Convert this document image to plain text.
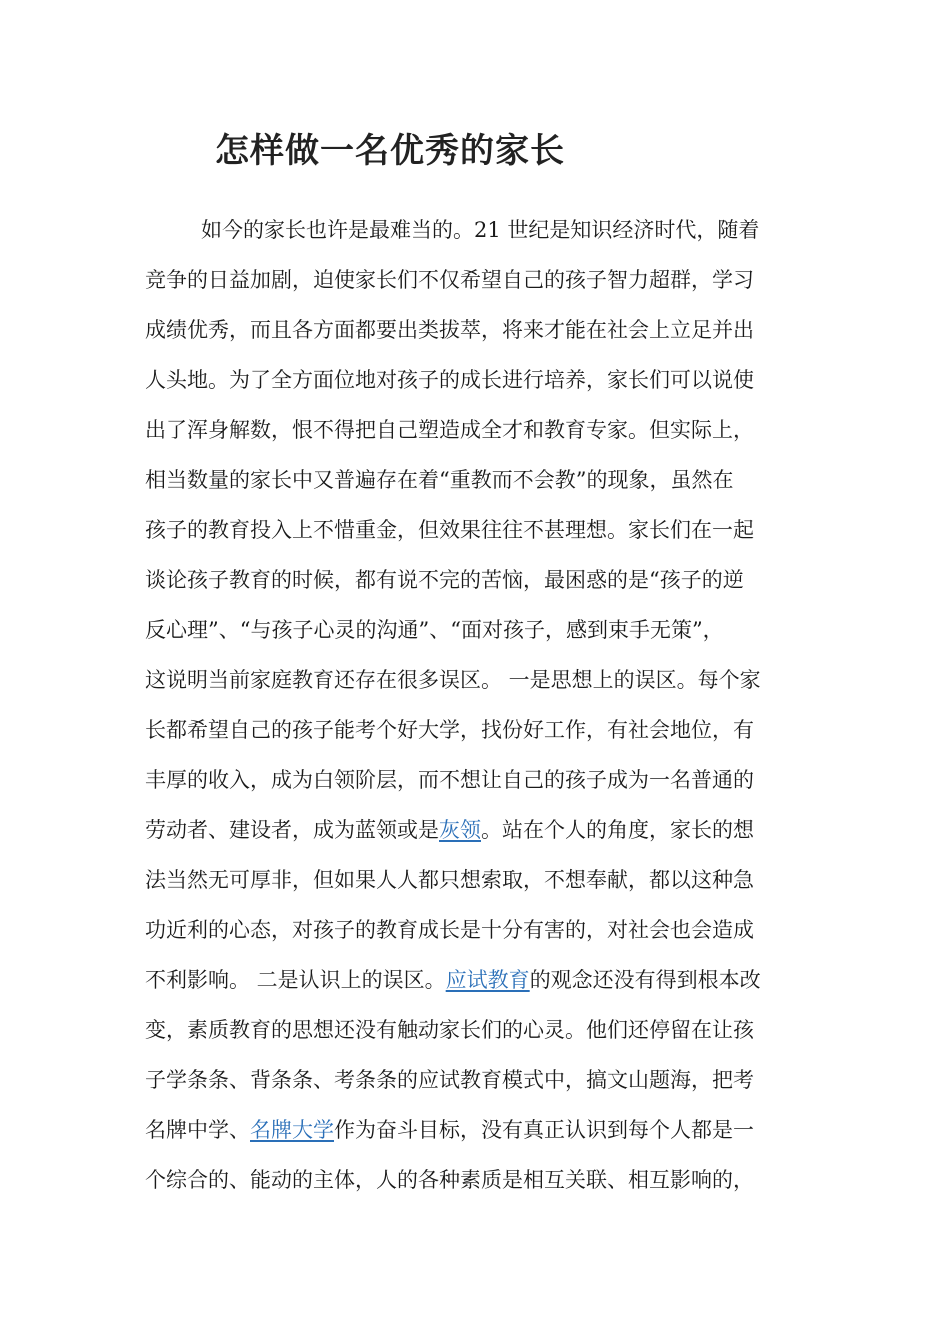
怎样做一名优秀的家长
如今的家长也许是最难当的。21 世纪是知识经济时代，随着
竞争的日益加剧，迫使家长们不仅希望自己的孩子智力超群，学习
成绩优秀，而且各方面都要出类拔萃，将来才能在社会上立足并出
人头地。为了全方面位地对孩子的成长进行培养，家长们可以说使
出了浑身解数，恨不得把自己塑造成全才和教育专家。但实际上，
相当数量的家长中又普遍存在着“重教而不会教”的现象，虽然在
孩子的教育投入上不惜重金，但效果往往不甚理想。家长们在一起
谈论孩子教育的时候，都有说不完的苦恼，最困惑的是“孩子的逆
反心理”、“与孩子心灵的沟通”、“面对孩子，感到束手无策”，
这说明当前家庭教育还存在很多误区。 一是思想上的误区。每个家
长都希望自己的孩子能考个好大学，找份好工作，有社会地位，有
丰厚的收入，成为白领阶层，而不想让自己的孩子成为一名普通的
劳动者、建设者，成为蓝领或是灰领。站在个人的角度，家长的想
法当然无可厚非，但如果人人都只想索取，不想奉献，都以这种急
功近利的心态，对孩子的教育成长是十分有害的，对社会也会造成
不利影响。 二是认识上的误区。应试教育的观念还没有得到根本改
变，素质教育的思想还没有触动家长们的心灵。他们还停留在让孩
子学条条、背条条、考条条的应试教育模式中，搞文山题海，把考
名牌中学、名牌大学作为奋斗目标，没有真正认识到每个人都是一
个综合的、能动的主体，人的各种素质是相互关联、相互影响的，
